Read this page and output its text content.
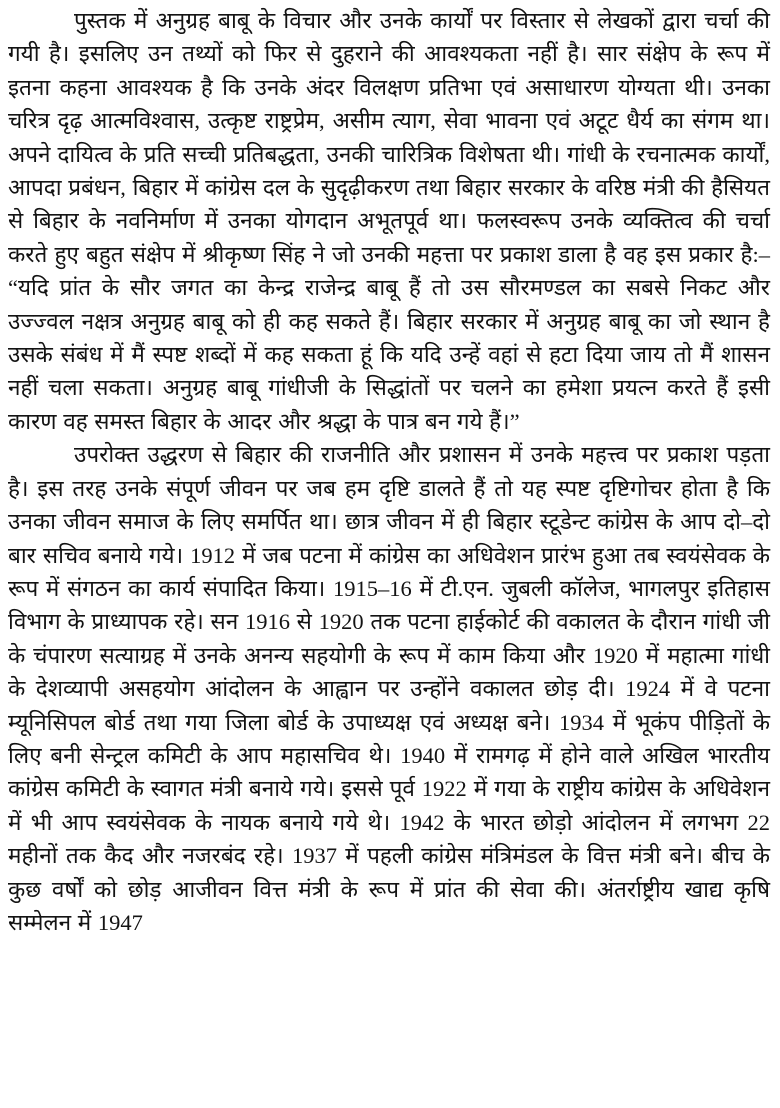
पुस्तक में अनुग्रह बाबू के विचार और उनके कार्यों पर विस्तार से लेखकों द्वारा चर्चा की गयी है। इसलिए उन तथ्यों को फिर से दुहराने की आवश्यकता नहीं है। सार संक्षेप के रूप में इतना कहना आवश्यक है कि उनके अंदर विलक्षण प्रतिभा एवं असाधारण योग्यता थी। उनका चरित्र दृढ़ आत्मविश्वास, उत्कृष्ट राष्ट्रप्रेम, असीम त्याग, सेवा भावना एवं अटूट धैर्य का संगम था। अपने दायित्व के प्रति सच्ची प्रतिबद्धता, उनकी चारित्रिक विशेषता थी। गांधी के रचनात्मक कार्यों, आपदा प्रबंधन, बिहार में कांग्रेस दल के सुदृढ़ीकरण तथा बिहार सरकार के वरिष्ठ मंत्री की हैसियत से बिहार के नवनिर्माण में उनका योगदान अभूतपूर्व था। फलस्वरूप उनके व्यक्तित्व की चर्चा करते हुए बहुत संक्षेप में श्रीकृष्ण सिंह ने जो उनकी महत्ता पर प्रकाश डाला है वह इस प्रकार है:– “यदि प्रांत के सौर जगत का केन्द्र राजेन्द्र बाबू हैं तो उस सौरमण्डल का सबसे निकट और उज्ज्वल नक्षत्र अनुग्रह बाबू को ही कह सकते हैं। बिहार सरकार में अनुग्रह बाबू का जो स्थान है उसके संबंध में मैं स्पष्ट शब्दों में कह सकता हूं कि यदि उन्हें वहां से हटा दिया जाय तो मैं शासन नहीं चला सकता। अनुग्रह बाबू गांधीजी के सिद्धांतों पर चलने का हमेशा प्रयत्न करते हैं इसी कारण वह समस्त बिहार के आदर और श्रद्धा के पात्र बन गये हैं।”

उपरोक्त उद्धरण से बिहार की राजनीति और प्रशासन में उनके महत्त्व पर प्रकाश पड़ता है। इस तरह उनके संपूर्ण जीवन पर जब हम दृष्टि डालते हैं तो यह स्पष्ट दृष्टिगोचर होता है कि उनका जीवन समाज के लिए समर्पित था। छात्र जीवन में ही बिहार स्टूडेन्ट कांग्रेस के आप दो–दो बार सचिव बनाये गये। 1912 में जब पटना में कांग्रेस का अधिवेशन प्रारंभ हुआ तब स्वयंसेवक के रूप में संगठन का कार्य संपादित किया। 1915–16 में टी.एन. जुबली कॉलेज, भागलपुर इतिहास विभाग के प्राध्यापक रहे। सन 1916 से 1920 तक पटना हाईकोर्ट की वकालत के दौरान गांधी जी के चंपारण सत्याग्रह में उनके अनन्य सहयोगी के रूप में काम किया और 1920 में महात्मा गांधी के देशव्यापी असहयोग आंदोलन के आह्वान पर उन्होंने वकालत छोड़ दी। 1924 में वे पटना म्यूनिसिपल बोर्ड तथा गया जिला बोर्ड के उपाध्यक्ष एवं अध्यक्ष बने। 1934 में भूकंप पीड़ितों के लिए बनी सेन्ट्रल कमिटी के आप महासचिव थे। 1940 में रामगढ़ में होने वाले अखिल भारतीय कांग्रेस कमिटी के स्वागत मंत्री बनाये गये। इससे पूर्व 1922 में गया के राष्ट्रीय कांग्रेस के अधिवेशन में भी आप स्वयंसेवक के नायक बनाये गये थे। 1942 के भारत छोड़ो आंदोलन में लगभग 22 महीनों तक कैद और नजरबंद रहे। 1937 में पहली कांग्रेस मंत्रिमंडल के वित्त मंत्री बने। बीच के कुछ वर्षों को छोड़ आजीवन वित्त मंत्री के रूप में प्रांत की सेवा की। अंतर्राष्ट्रीय खाद्य कृषि सम्मेलन में 1947
